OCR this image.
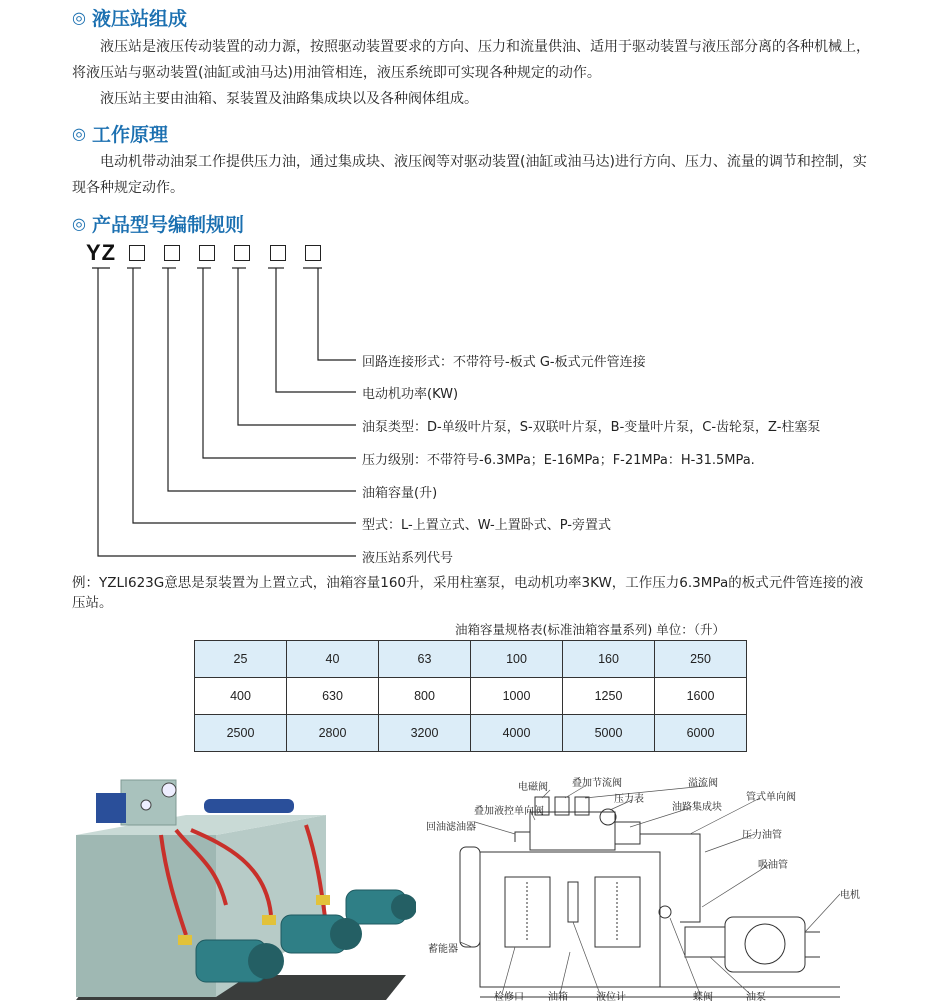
◎ 液压站组成
液压站是液压传动装置的动力源，按照驱动装置要求的方向、压力和流量供油、适用于驱动装置与液压部分离的各种机械上，将液压站与驱动装置(油缸或油马达)用油管相连，液压系统即可实现各种规定的动作。
液压站主要由油箱、泵装置及油路集成块以及各种阀体组成。
◎ 工作原理
电动机带动油泵工作提供压力油，通过集成块、液压阀等对驱动装置(油缸或油马达)进行方向、压力、流量的调节和控制，实现各种规定动作。
◎ 产品型号编制规则
YZ
回路连接形式：不带符号-板式 G-板式元件管连接
电动机功率(KW)
油泵类型：D-单级叶片泵，S-双联叶片泵，B-变量叶片泵，C-齿轮泵，Z-柱塞泵
压力级别：不带符号-6.3MPa；E-16MPa；F-21MPa：H-31.5MPa.
油箱容量(升)
型式：L-上置立式、W-上置卧式、P-旁置式
液压站系列代号
例：YZLI623G意思是泵装置为上置立式，油箱容量160升，采用柱塞泵，电动机功率3KW，工作压力6.3MPa的板式元件管连接的液压站。
油箱容量规格表(标准油箱容量系列) 单位：（升）
25	40	63	100	160	250
400	630	800	1000	1250	1600
2500	2800	3200	4000	5000	6000
电磁阀 叠加节流阀	溢流阀
压力表
油路集成块
管式单向阀
叠加液控单向阀
回油滤油器
压力油管
吸油管
电机
蓄能器
检修口 油箱	液位计	蝶阀	油泵
